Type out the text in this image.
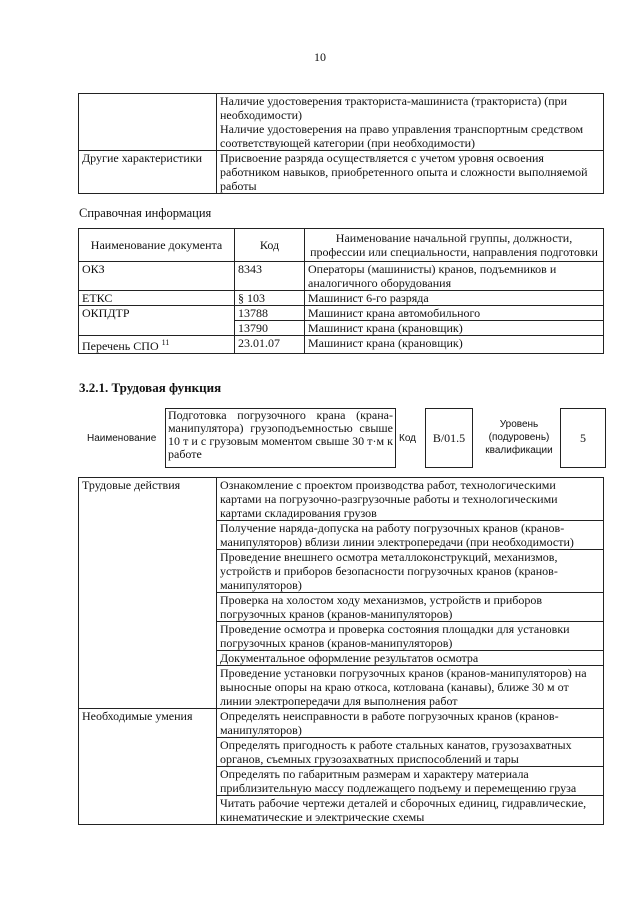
10

	Наличие удостоверения тракториста-машиниста (тракториста) (при необходимости)
Наличие удостоверения на право управления транспортным средством соответствующей категории (при необходимости)

Другие характеристики	Присвоение разряда осуществляется с учетом уровня освоения работником навыков, приобретенного опыта и сложности выполняемой работы
Справочная информация
Наименование документа	Код	Наименование начальной группы, должности, профессии или специальности, направления подготовки
ОКЗ	8343	Операторы (машинисты) кранов, подъемников и аналогичного оборудования
ЕТКС	§ 103	Машинист 6-го разряда
ОКПДТР	13788	Машинист крана автомобильного
	13790	Машинист крана (крановщик)
Перечень СПО $^{11}$	23.01.07	Машинист крана (крановщик)
3.2.1. Трудовая функция
Наименование
Подготовка погрузочного крана (крана-манипулятора) грузоподъемностью свыше 10 т и с грузовым моментом свыше 30 т·м к работе
Код	B/01.5
Уровень (подуровень) квалификации
5
Трудовые действия	Ознакомление с проектом производства работ, технологическими картами на погрузочно-разгрузочные работы и технологическими картами складирования грузов
	Получение наряда-допуска на работу погрузочных кранов (кранов-манипуляторов) вблизи линии электропередачи (при необходимости)
	Проведение внешнего осмотра металлоконструкций, механизмов, устройств и приборов безопасности погрузочных кранов (кранов-манипуляторов)
	Проверка на холостом ходу механизмов, устройств и приборов погрузочных кранов (кранов-манипуляторов)
	Проведение осмотра и проверка состояния площадки для установки погрузочных кранов (кранов-манипуляторов)
	Документальное оформление результатов осмотра
	Проведение установки погрузочных кранов (кранов-манипуляторов) на выносные опоры на краю откоса, котлована (канавы), ближе 30 м от линии электропередачи для выполнения работ
Необходимые умения	Определять неисправности в работе погрузочных кранов (кранов-манипуляторов)
	Определять пригодность к работе стальных канатов, грузозахватных органов, съемных грузозахватных приспособлений и тары
	Определять по габаритным размерам и характеру материала приблизительную массу подлежащего подъему и перемещению груза
	Читать рабочие чертежи деталей и сборочных единиц, гидравлические, кинематические и электрические схемы
